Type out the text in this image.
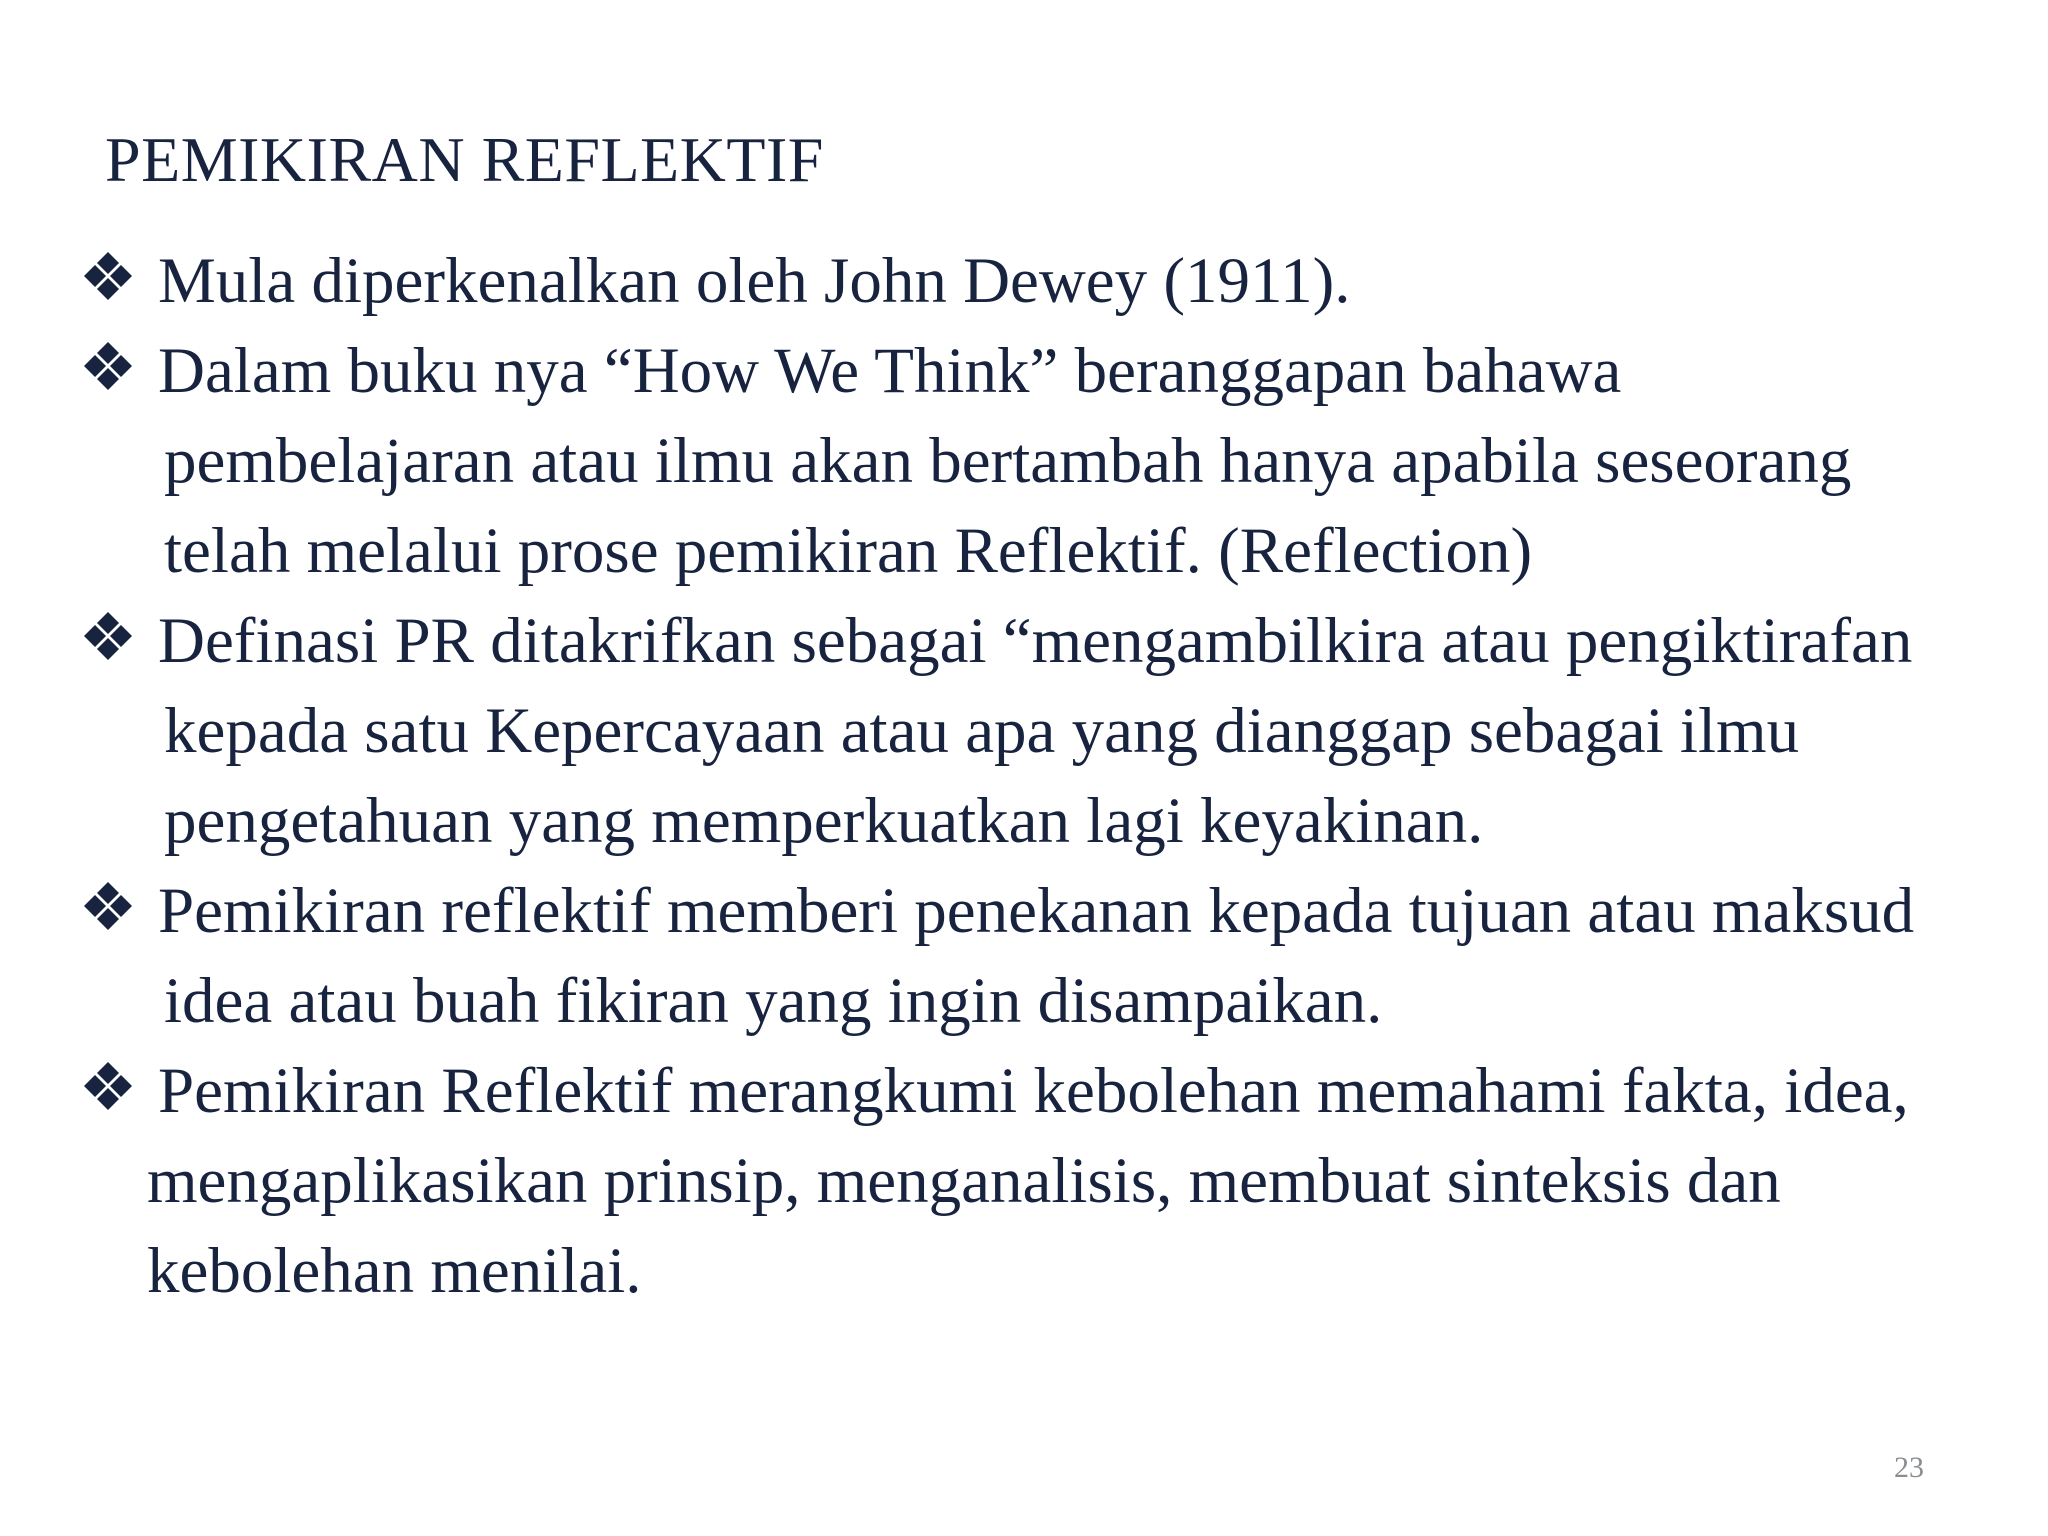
PEMIKIRAN REFLEKTIF
Mula diperkenalkan oleh John Dewey (1911).
Dalam buku nya “How We Think” beranggapan bahawa
pembelajaran atau ilmu akan bertambah hanya apabila seseorang
telah melalui prose pemikiran Reflektif. (Reflection)
Definasi PR ditakrifkan sebagai “mengambilkira atau pengiktirafan
kepada satu Kepercayaan atau apa yang dianggap sebagai ilmu
pengetahuan yang memperkuatkan lagi keyakinan.
Pemikiran reflektif memberi penekanan kepada tujuan atau maksud
idea atau buah fikiran yang ingin disampaikan.
Pemikiran Reflektif merangkumi kebolehan memahami fakta, idea,
mengaplikasikan prinsip, menganalisis, membuat sinteksis dan
kebolehan menilai.
23
